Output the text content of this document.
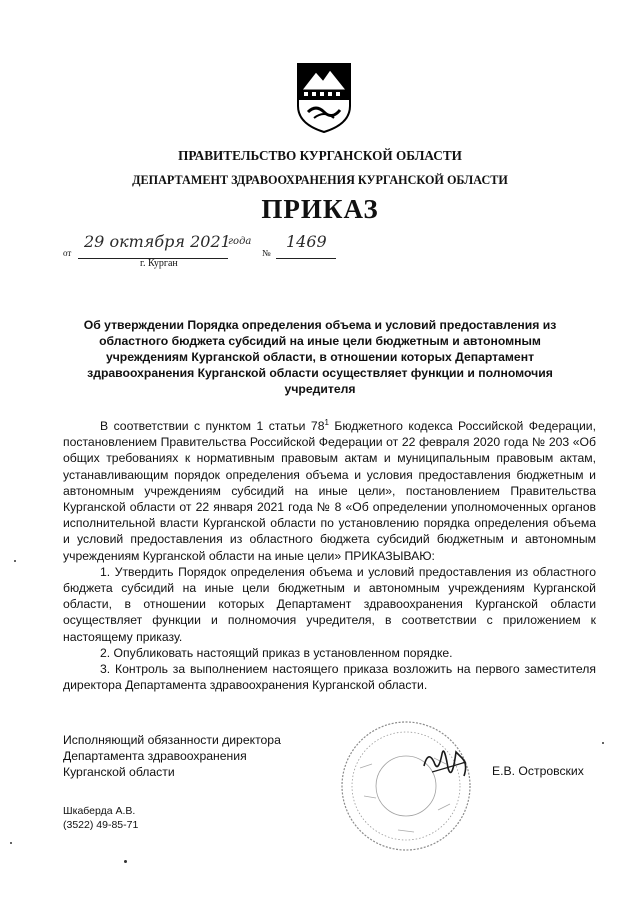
ПРАВИТЕЛЬСТВО КУРГАНСКОЙ ОБЛАСТИ
ДЕПАРТАМЕНТ ЗДРАВООХРАНЕНИЯ КУРГАНСКОЙ ОБЛАСТИ
ПРИКАЗ
от
29 октября 2021
года
№
1469
г. Курган
Об утверждении Порядка определения объема и условий предоставления из областного бюджета субсидий на иные цели бюджетным и автономным учреждениям Курганской области, в отношении которых Департамент здравоохранения Курганской области осуществляет функции и полномочия учредителя

В соответствии с пунктом 1 статьи $78^1$ Бюджетного кодекса Российской Федерации, постановлением Правительства Российской Федерации от 22 февраля 2020 года № 203 «Об общих требованиях к нормативным правовым актам и муниципальным правовым актам, устанавливающим порядок определения объема и условия предоставления бюджетным и автономным учреждениям субсидий на иные цели», постановлением Правительства Курганской области от 22 января 2021 года № 8 «Об определении уполномоченных органов исполнительной власти Курганской области по установлению порядка определения объема и условий предоставления из областного бюджета субсидий бюджетным и автономным учреждениям Курганской области на иные цели» ПРИКАЗЫВАЮ:

1. Утвердить Порядок определения объема и условий предоставления из областного бюджета субсидий на иные цели бюджетным и автономным учреждениям Курганской области, в отношении которых Департамент здравоохранения Курганской области осуществляет функции и полномочия учредителя, в соответствии с приложением к настоящему приказу.

2. Опубликовать настоящий приказ в установленном порядке.

3. Контроль за выполнением настоящего приказа возложить на первого заместителя директора Департамента здравоохранения Курганской области.

Исполняющий обязанности директора
Департамента здравоохранения
Курганской области	Е.В. Островских
Шкаберда А.В.
(3522) 49-85-71
